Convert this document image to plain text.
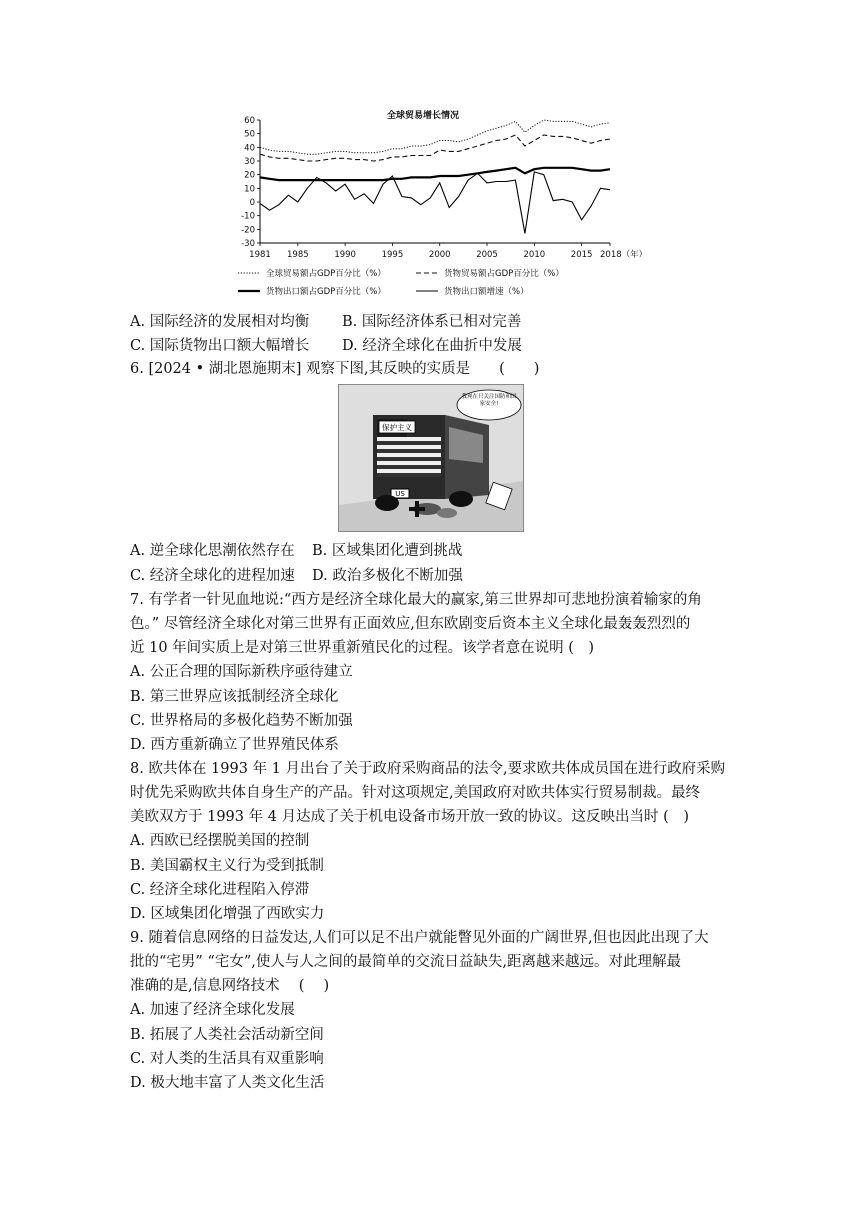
全球贸易增长情况
60
50
40
30
20
10
0
-10
-20
-30
1981 1985	1990	1995	2000	2005	2010	2015 2018（年）
全球贸易额占GDP百分比（%）	货物贸易额占GDP百分比（%）
货物出口额占GDP百分比（%）	货物出口额增速（%）
A. 国际经济的发展相对均衡 B. 国际经济体系已相对完善
C. 国际货物出口额大幅增长 D. 经济全球化在曲折中发展
6. [2024 • 湖北恩施期末] 观察下图,其反映的实质是　　(　　)
US
保护主义
我现在只关注国防和国家安全!
A. 逆全球化思潮依然存在 B. 区域集团化遭到挑战
C. 经济全球化的进程加速 D. 政治多极化不断加强
7. 有学者一针见血地说:“西方是经济全球化最大的赢家,第三世界却可悲地扮演着输家的角
色。” 尽管经济全球化对第三世界有正面效应,但东欧剧变后资本主义全球化最轰轰烈烈的
近 10 年间实质上是对第三世界重新殖民化的过程。该学者意在说明 (　)
A. 公正合理的国际新秩序亟待建立
B. 第三世界应该抵制经济全球化
C. 世界格局的多极化趋势不断加强
D. 西方重新确立了世界殖民体系
8. 欧共体在 1993 年 1 月出台了关于政府采购商品的法令,要求欧共体成员国在进行政府采购
时优先采购欧共体自身生产的产品。针对这项规定,美国政府对欧共体实行贸易制裁。最终
美欧双方于 1993 年 4 月达成了关于机电设备市场开放一致的协议。这反映出当时 (　)
A. 西欧已经摆脱美国的控制
B. 美国霸权主义行为受到抵制
C. 经济全球化进程陷入停滞
D. 区域集团化增强了西欧实力
9. 随着信息网络的日益发达,人们可以足不出户就能瞥见外面的广阔世界,但也因此出现了大
批的“宅男” “宅女”,使人与人之间的最简单的交流日益缺失,距离越来越远。对此理解最
准确的是,信息网络技术　 (　 )
A. 加速了经济全球化发展
B. 拓展了人类社会活动新空间
C. 对人类的生活具有双重影响
D. 极大地丰富了人类文化生活
